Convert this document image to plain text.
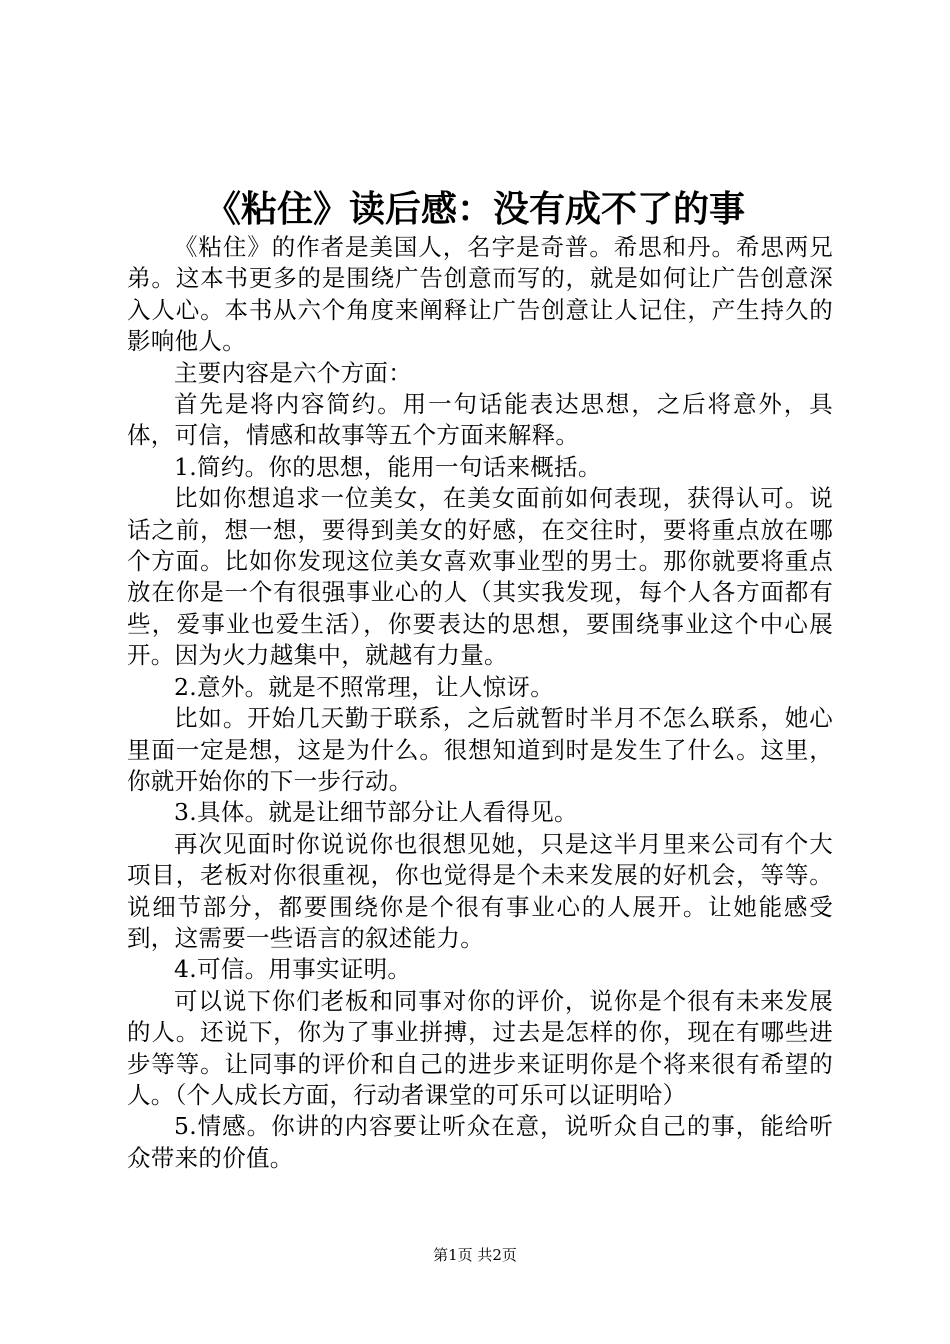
《粘住》读后感：没有成不了的事

《粘住》的作者是美国人，名字是奇普。希思和丹。希思两兄弟。这本书更多的是围绕广告创意而写的，就是如何让广告创意深入人心。本书从六个角度来阐释让广告创意让人记住，产生持久的影响他人。

主要内容是六个方面：

首先是将内容简约。用一句话能表达思想，之后将意外，具体，可信，情感和故事等五个方面来解释。

1.简约。你的思想，能用一句话来概括。

比如你想追求一位美女，在美女面前如何表现，获得认可。说话之前，想一想，要得到美女的好感，在交往时，要将重点放在哪个方面。比如你发现这位美女喜欢事业型的男士。那你就要将重点放在你是一个有很强事业心的人（其实我发现，每个人各方面都有些，爱事业也爱生活），你要表达的思想，要围绕事业这个中心展开。因为火力越集中，就越有力量。

2.意外。就是不照常理，让人惊讶。

比如。开始几天勤于联系，之后就暂时半月不怎么联系，她心里面一定是想，这是为什么。很想知道到时是发生了什么。这里，你就开始你的下一步行动。

3.具体。就是让细节部分让人看得见。

再次见面时你说说你也很想见她，只是这半月里来公司有个大项目，老板对你很重视，你也觉得是个未来发展的好机会，等等。说细节部分，都要围绕你是个很有事业心的人展开。让她能感受到，这需要一些语言的叙述能力。

4.可信。用事实证明。

可以说下你们老板和同事对你的评价，说你是个很有未来发展的人。还说下，你为了事业拼搏，过去是怎样的你，现在有哪些进步等等。让同事的评价和自己的进步来证明你是个将来很有希望的人。（个人成长方面，行动者课堂的可乐可以证明哈）

5.情感。你讲的内容要让听众在意，说听众自己的事，能给听众带来的价值。

第1页 共2页
